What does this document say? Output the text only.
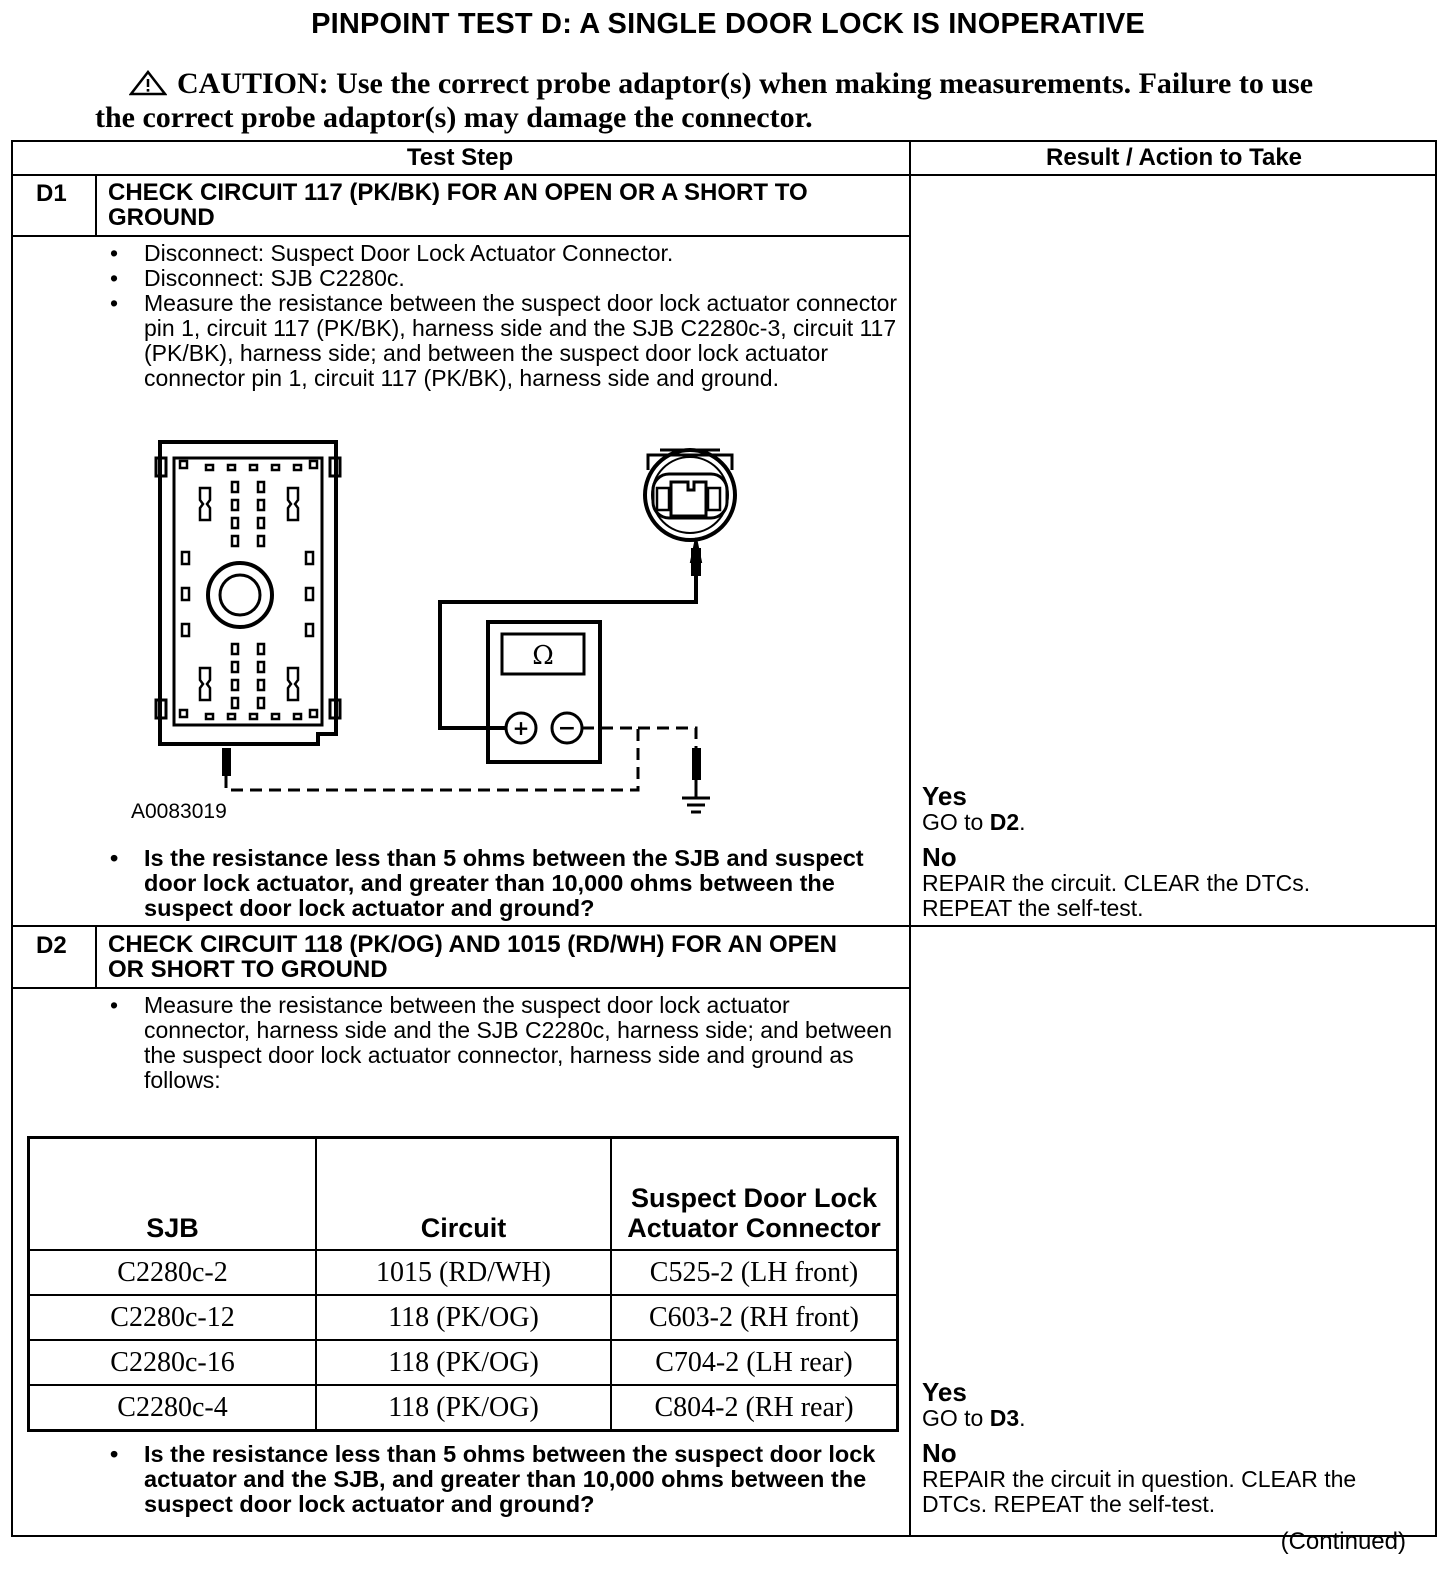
PINPOINT TEST D: A SINGLE DOOR LOCK IS INOPERATIVE
CAUTION: Use the correct probe adaptor(s) when making measurements. Failure to use the correct probe adaptor(s) may damage the connector.
Test Step	Result / Action to Take
D1 CHECK CIRCUIT 117 (PK/BK) FOR AN OPEN OR A SHORT TO GROUND
• Disconnect: Suspect Door Lock Actuator Connector.
• Disconnect: SJB C2280c.
• Measure the resistance between the suspect door lock actuator connector pin 1, circuit 117 (PK/BK), harness side and the SJB C2280c-3, circuit 117 (PK/BK), harness side; and between the suspect door lock actuator connector pin 1, circuit 117 (PK/BK), harness side and ground.
Ω
+ −
A0083019
• Is the resistance less than 5 ohms between the SJB and suspect door lock actuator, and greater than 10,000 ohms between the suspect door lock actuator and ground?
Yes
GO to D2.
No
REPAIR the circuit. CLEAR the DTCs. REPEAT the self-test.
D2 CHECK CIRCUIT 118 (PK/OG) AND 1015 (RD/WH) FOR AN OPEN OR SHORT TO GROUND
• Measure the resistance between the suspect door lock actuator connector, harness side and the SJB C2280c, harness side; and between the suspect door lock actuator connector, harness side and ground as follows:
SJB	Circuit	Suspect Door Lock Actuator Connector
C2280c-2	1015 (RD/WH)	C525-2 (LH front)
C2280c-12	118 (PK/OG)	C603-2 (RH front)
C2280c-16	118 (PK/OG)	C704-2 (LH rear)
C2280c-4	118 (PK/OG)	C804-2 (RH rear)
• Is the resistance less than 5 ohms between the suspect door lock actuator and the SJB, and greater than 10,000 ohms between the suspect door lock actuator and ground?
Yes
GO to D3.
No
REPAIR the circuit in question. CLEAR the DTCs. REPEAT the self-test.
(Continued)
